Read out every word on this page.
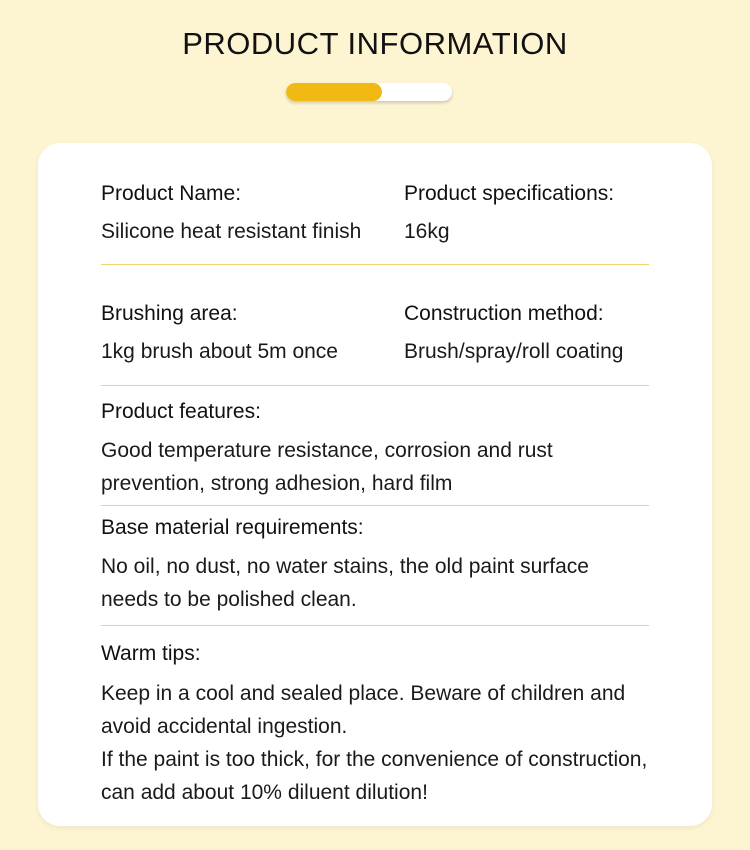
PRODUCT INFORMATION
Product Name:
Silicone heat resistant finish
Product specifications:
16kg
Brushing area:
1kg brush about 5m once
Construction method:
Brush/spray/roll coating
Product features:
Good temperature resistance, corrosion and rust prevention, strong adhesion, hard film
Base material requirements:
No oil, no dust, no water stains, the old paint surface needs to be polished clean.
Warm tips:
Keep in a cool and sealed place. Beware of children and avoid accidental ingestion.
If the paint is too thick, for the convenience of construction, can add about 10% diluent dilution!
